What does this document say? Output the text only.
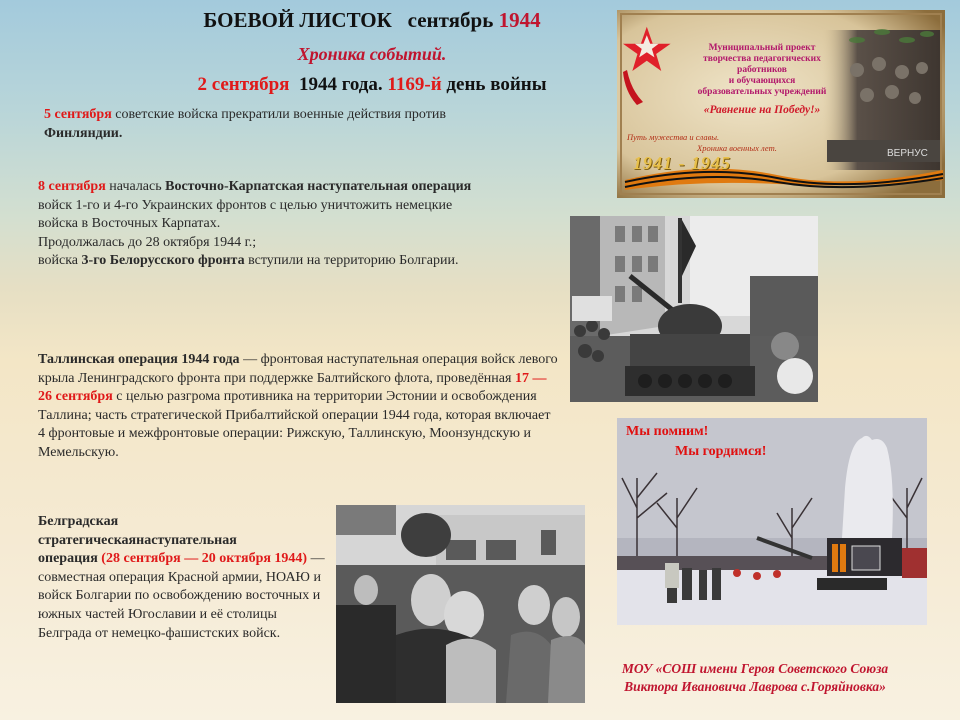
БОЕВОЙ ЛИСТОК сентябрь 1944
Хроника событий.
2 сентября 1944 года. 1169-й день войны
5 сентября советские войска прекратили военные действия против
Финляндии.
8 сентября началась Восточно-Карпатская наступательная операция войск 1-го и 4-го Украинских фронтов с целью уничтожить немецкие войска в Восточных Карпатах.
Продолжалась до 28 октября 1944 г.;
войска 3-го Белорусского фронта вступили на территорию Болгарии.
Таллинская операция 1944 года — фронтовая наступательная операция войск левого крыла Ленинградского фронта при поддержке Балтийского флота, проведённая 17 — 26 сентября с целью разгрома противника на территории Эстонии и освобождения Таллина; часть стратегической Прибалтийской операции 1944 года, которая включает 4 фронтовые и межфронтовые операции: Рижскую, Таллинскую, Моонзундскую и Мемельскую.
Белградская
стратегическаянаступательная
операция (28 сентября — 20 октября 1944) — совместная операция Красной армии, НОАЮ и войск Болгарии по освобождению восточных и южных частей Югославии и её столицы Белграда от немецко-фашистских войск.
ВЕРНУС
Муниципальный проект
творчества педагогических
работников
и обучающихся
образовательных учреждений
«Равнение на Победу!»
Путь мужества и славы.
Хроника военных лет.
1941 - 1945
Мы помним!
Мы гордимся!
МОУ «СОШ имени Героя Советского Союза
Виктора Ивановича Лаврова с.Горяйновка»
